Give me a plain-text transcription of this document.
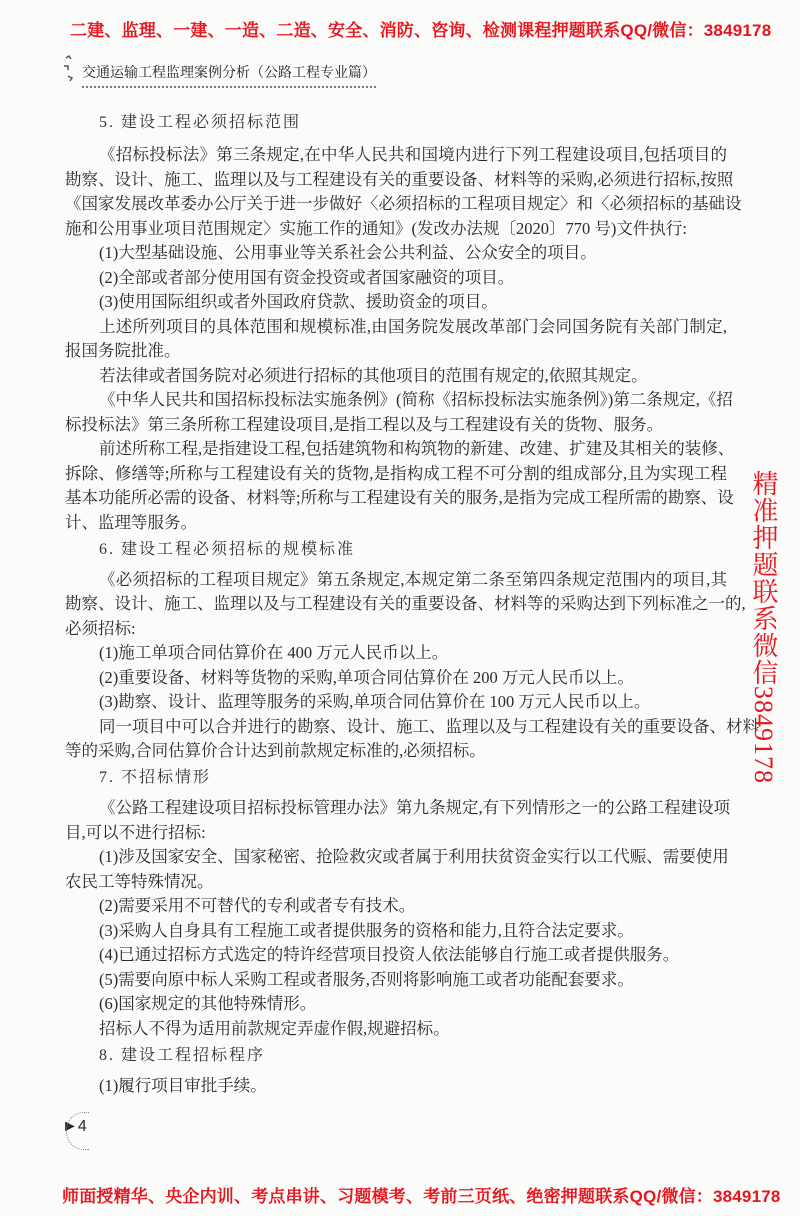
二建、监理、一建、一造、二造、安全、消防、咨询、检测课程押题联系QQ/微信：3849178
交通运输工程监理案例分析（公路工程专业篇）
5. 建设工程必须招标范围
《招标投标法》第三条规定,在中华人民共和国境内进行下列工程建设项目,包括项目的
勘察、设计、施工、监理以及与工程建设有关的重要设备、材料等的采购,必须进行招标,按照
《国家发展改革委办公厅关于进一步做好〈必须招标的工程项目规定〉和〈必须招标的基础设
施和公用事业项目范围规定〉实施工作的通知》(发改办法规〔2020〕770 号)文件执行:
(1)大型基础设施、公用事业等关系社会公共利益、公众安全的项目。
(2)全部或者部分使用国有资金投资或者国家融资的项目。
(3)使用国际组织或者外国政府贷款、援助资金的项目。
上述所列项目的具体范围和规模标准,由国务院发展改革部门会同国务院有关部门制定,
报国务院批准。
若法律或者国务院对必须进行招标的其他项目的范围有规定的,依照其规定。
《中华人民共和国招标投标法实施条例》(简称《招标投标法实施条例》)第二条规定,《招
标投标法》第三条所称工程建设项目,是指工程以及与工程建设有关的货物、服务。
前述所称工程,是指建设工程,包括建筑物和构筑物的新建、改建、扩建及其相关的装修、
拆除、修缮等;所称与工程建设有关的货物,是指构成工程不可分割的组成部分,且为实现工程
基本功能所必需的设备、材料等;所称与工程建设有关的服务,是指为完成工程所需的勘察、设
计、监理等服务。
6. 建设工程必须招标的规模标准
《必须招标的工程项目规定》第五条规定,本规定第二条至第四条规定范围内的项目,其
勘察、设计、施工、监理以及与工程建设有关的重要设备、材料等的采购达到下列标准之一的,
必须招标:
(1)施工单项合同估算价在 400 万元人民币以上。
(2)重要设备、材料等货物的采购,单项合同估算价在 200 万元人民币以上。
(3)勘察、设计、监理等服务的采购,单项合同估算价在 100 万元人民币以上。
同一项目中可以合并进行的勘察、设计、施工、监理以及与工程建设有关的重要设备、材料
等的采购,合同估算价合计达到前款规定标准的,必须招标。
7. 不招标情形
《公路工程建设项目招标投标管理办法》第九条规定,有下列情形之一的公路工程建设项
目,可以不进行招标:
(1)涉及国家安全、国家秘密、抢险救灾或者属于利用扶贫资金实行以工代赈、需要使用
农民工等特殊情况。
(2)需要采用不可替代的专利或者专有技术。
(3)采购人自身具有工程施工或者提供服务的资格和能力,且符合法定要求。
(4)已通过招标方式选定的特许经营项目投资人依法能够自行施工或者提供服务。
(5)需要向原中标人采购工程或者服务,否则将影响施工或者功能配套要求。
(6)国家规定的其他特殊情形。
招标人不得为适用前款规定弄虚作假,规避招标。
8. 建设工程招标程序
(1)履行项目审批手续。
精准押题联系微信3849178
►4
师面授精华、央企内训、考点串讲、习题模考、考前三页纸、绝密押题联系QQ/微信：3849178
